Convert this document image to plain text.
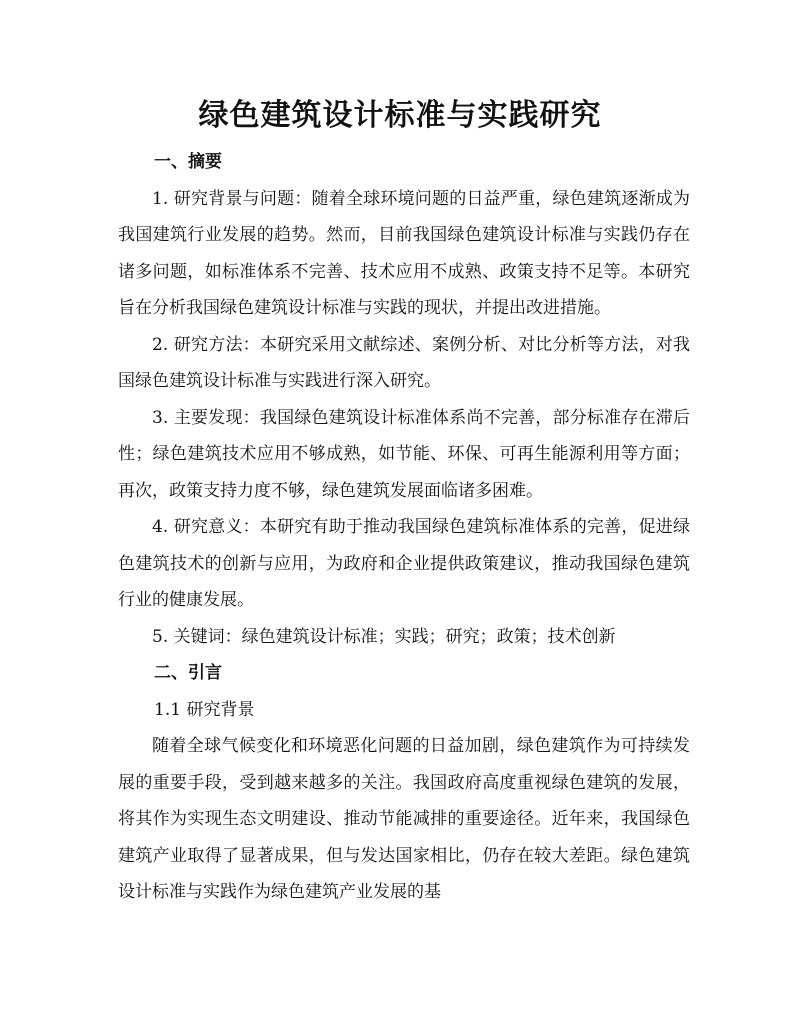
绿色建筑设计标准与实践研究

一、摘要

1. 研究背景与问题：随着全球环境问题的日益严重，绿色建筑逐渐成为我国建筑行业发展的趋势。然而，目前我国绿色建筑设计标准与实践仍存在诸多问题，如标准体系不完善、技术应用不成熟、政策支持不足等。本研究旨在分析我国绿色建筑设计标准与实践的现状，并提出改进措施。

2. 研究方法：本研究采用文献综述、案例分析、对比分析等方法，对我国绿色建筑设计标准与实践进行深入研究。

3. 主要发现：我国绿色建筑设计标准体系尚不完善，部分标准存在滞后性；绿色建筑技术应用不够成熟，如节能、环保、可再生能源利用等方面；再次，政策支持力度不够，绿色建筑发展面临诸多困难。

4. 研究意义：本研究有助于推动我国绿色建筑标准体系的完善，促进绿色建筑技术的创新与应用，为政府和企业提供政策建议，推动我国绿色建筑行业的健康发展。

5. 关键词：绿色建筑设计标准；实践；研究；政策；技术创新

二、引言

1.1 研究背景

随着全球气候变化和环境恶化问题的日益加剧，绿色建筑作为可持续发展的重要手段，受到越来越多的关注。我国政府高度重视绿色建筑的发展，将其作为实现生态文明建设、推动节能减排的重要途径。近年来，我国绿色建筑产业取得了显著成果，但与发达国家相比，仍存在较大差距。绿色建筑设计标准与实践作为绿色建筑产业发展的基
